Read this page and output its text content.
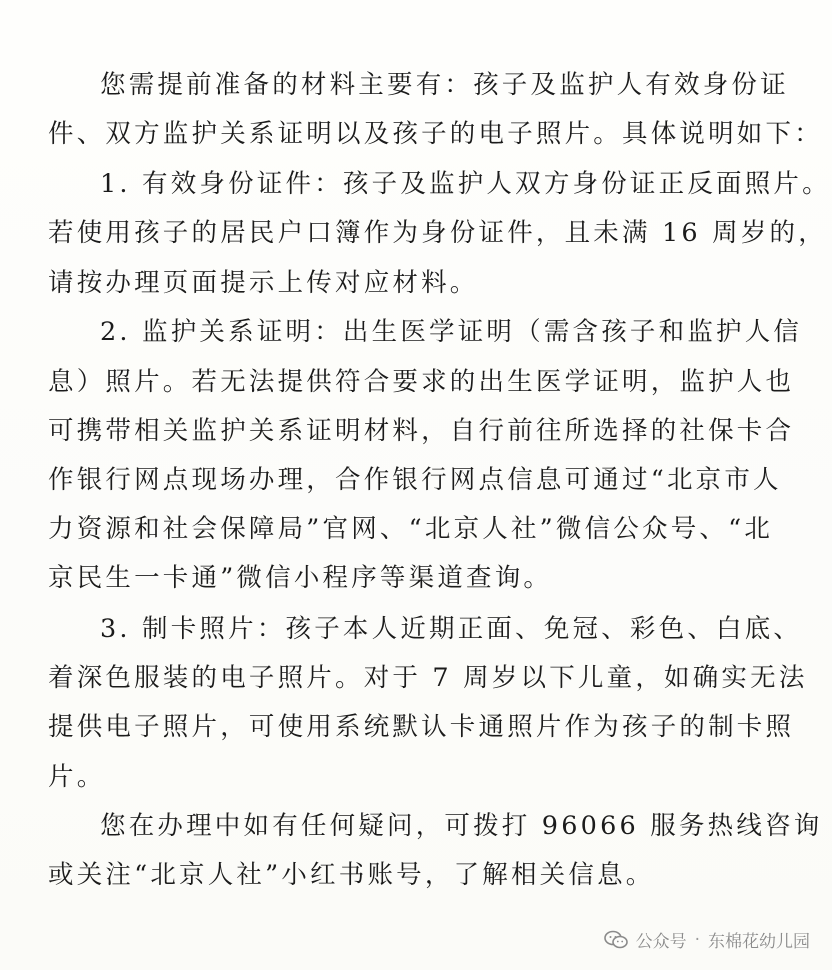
您需提前准备的材料主要有：孩子及监护人有效身份证
件、双方监护关系证明以及孩子的电子照片。具体说明如下：
1. 有效身份证件：孩子及监护人双方身份证正反面照片。
若使用孩子的居民户口簿作为身份证件，且未满 16 周岁的，
请按办理页面提示上传对应材料。
2. 监护关系证明：出生医学证明（需含孩子和监护人信
息）照片。若无法提供符合要求的出生医学证明，监护人也
可携带相关监护关系证明材料，自行前往所选择的社保卡合
作银行网点现场办理，合作银行网点信息可通过“北京市人
力资源和社会保障局”官网、“北京人社”微信公众号、“北
京民生一卡通”微信小程序等渠道查询。
3. 制卡照片：孩子本人近期正面、免冠、彩色、白底、
着深色服装的电子照片。对于 7 周岁以下儿童，如确实无法
提供电子照片，可使用系统默认卡通照片作为孩子的制卡照
片。
您在办理中如有任何疑问，可拨打 96066 服务热线咨询
或关注“北京人社”小红书账号，了解相关信息。
公众号 · 东棉花幼儿园
